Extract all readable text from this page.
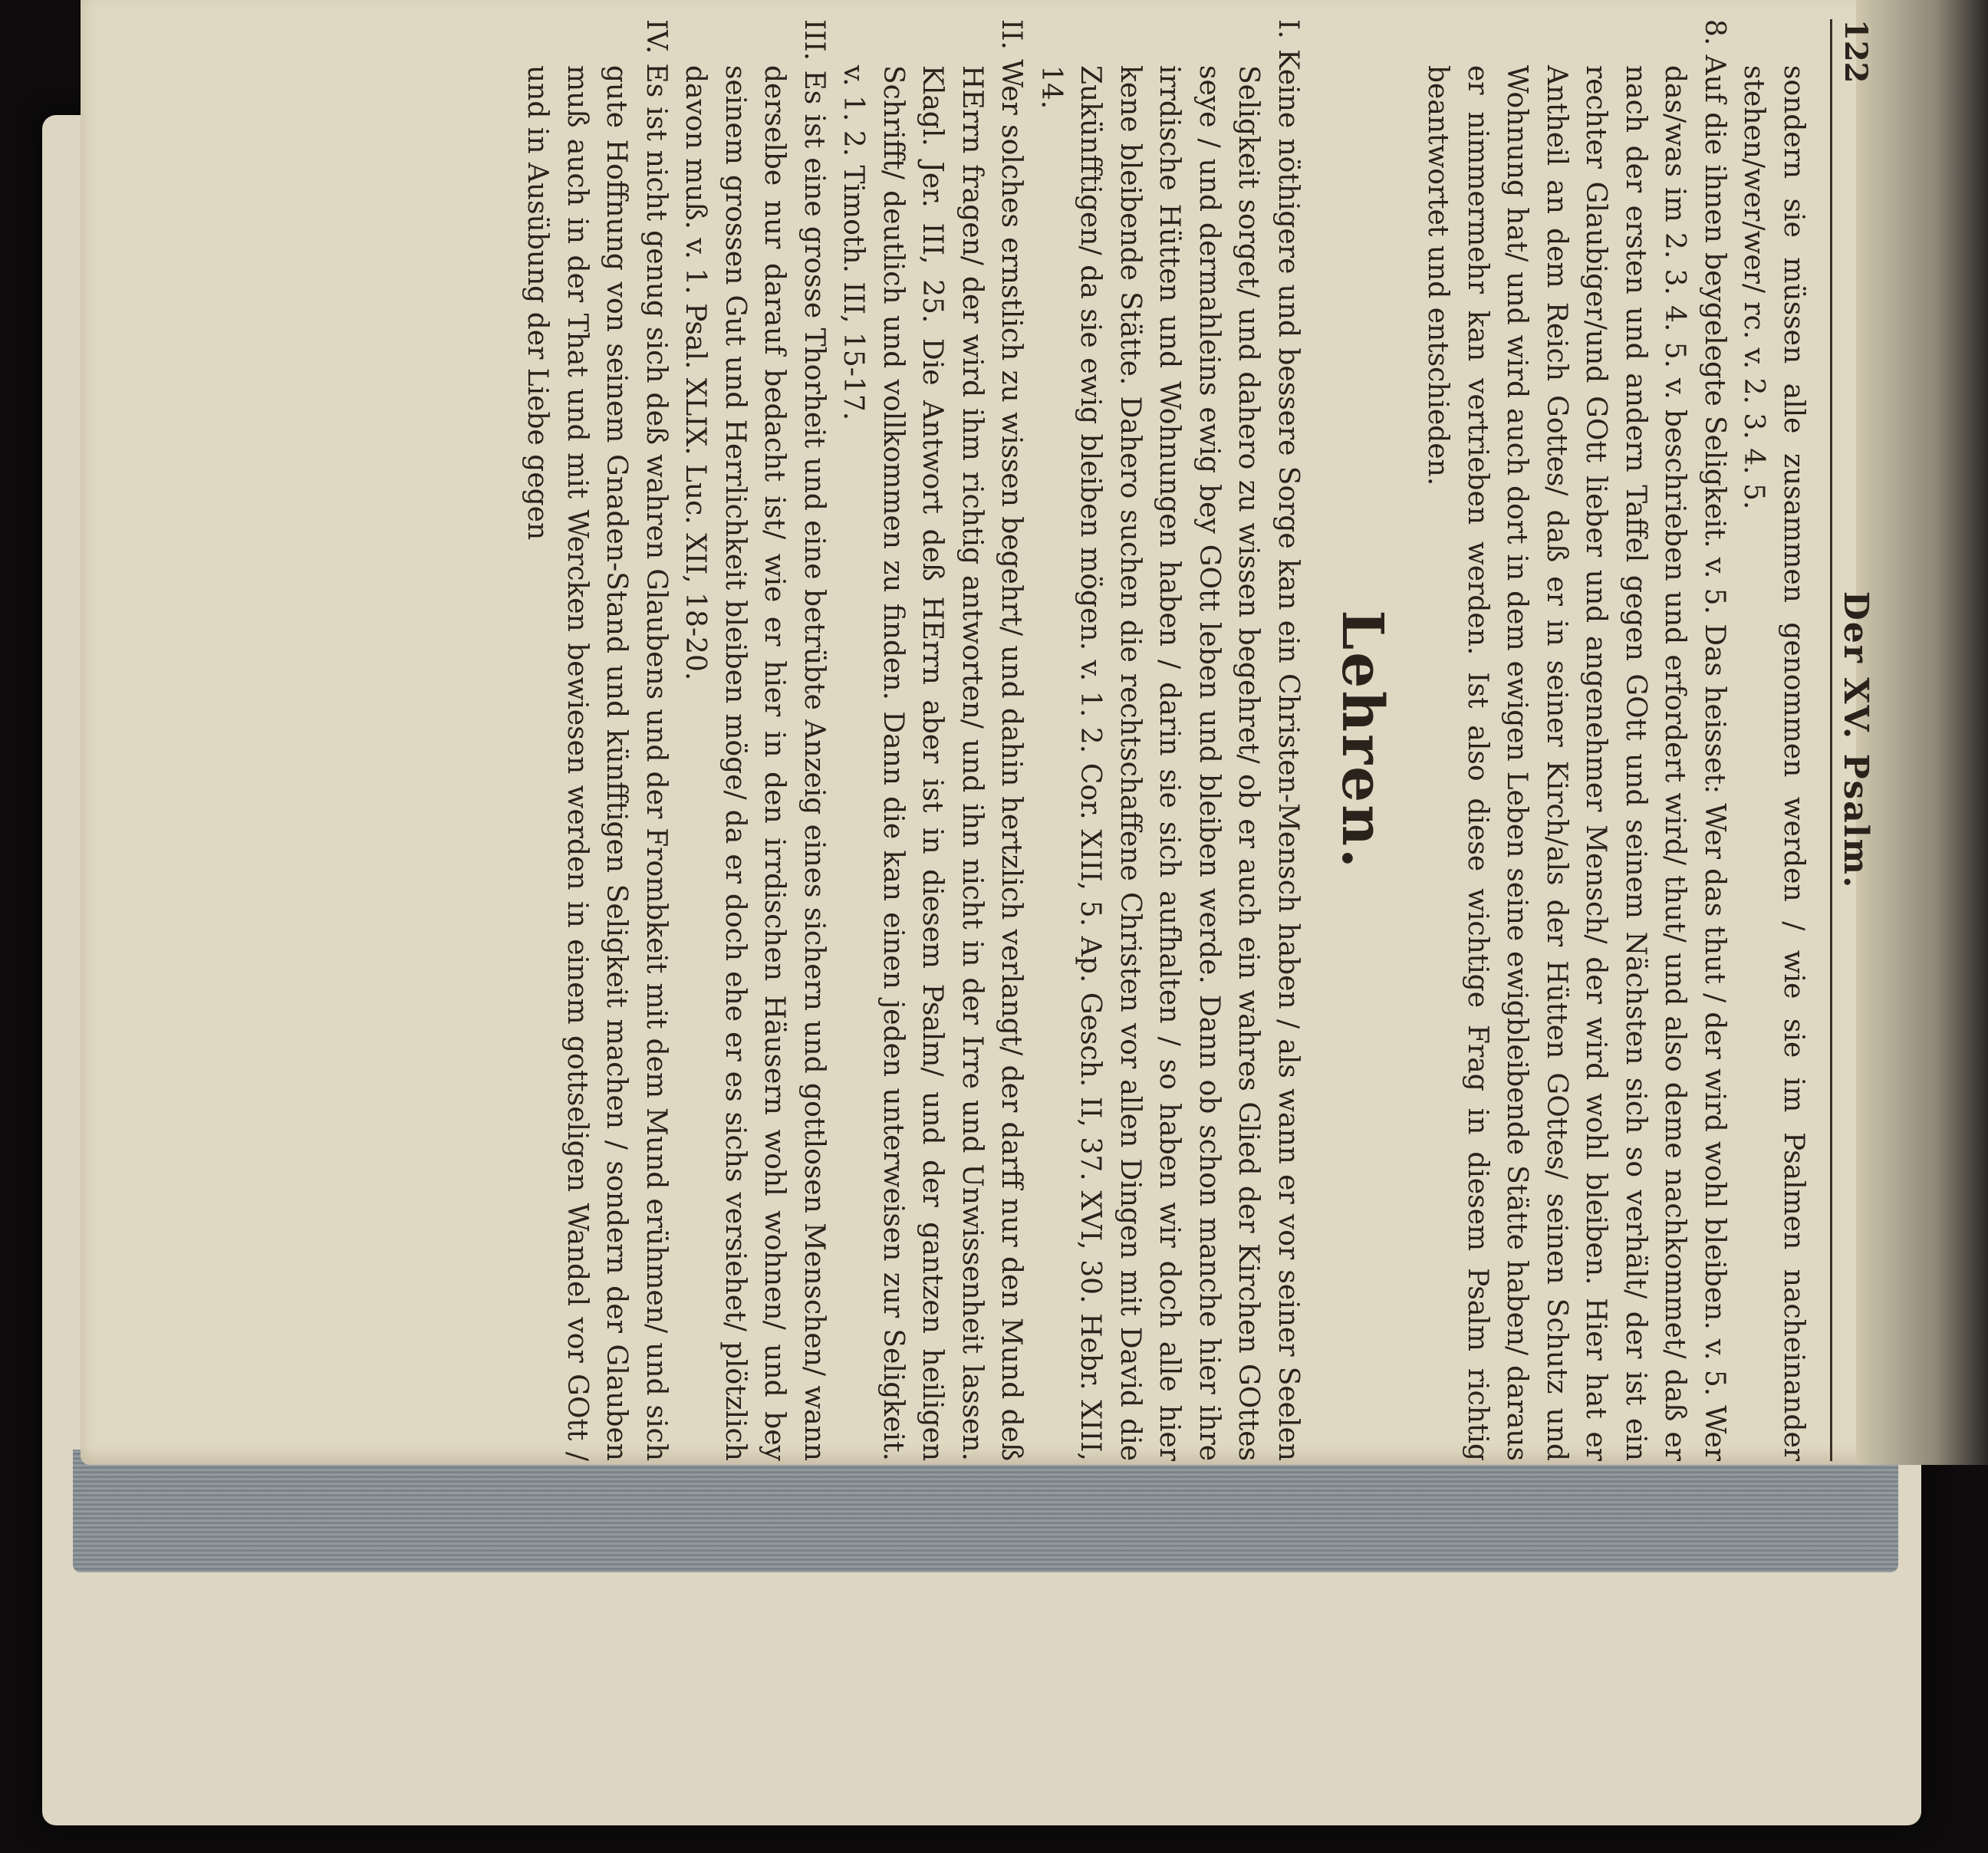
122
Der XV. Psalm.

sondern sie müssen alle zusammen genommen werden / wie sie im Psalmen nacheinander stehen/wer/wer/ rc. v. 2. 3. 4. 5.

8. Auf die ihnen beygelegte Seligkeit. v. 5. Das heisset: Wer das thut / der wird wohl bleiben. v. 5. Wer das/was im 2. 3. 4. 5. v. beschrieben und erfordert wird/ thut/ und also deme nachkommet/ daß er nach der ersten und andern Taffel gegen GOtt und seinem Nächsten sich so verhält/ der ist ein rechter Glaubiger/und GOtt lieber und angenehmer Mensch/ der wird wohl bleiben. Hier hat er Antheil an dem Reich Gottes/ daß er in seiner Kirch/als der Hütten GOttes/ seinen Schutz und Wohnung hat/ und wird auch dort in dem ewigen Leben seine ewigbleibende Stätte haben/ daraus er nimmermehr kan vertrieben werden. Ist also diese wichtige Frag in diesem Psalm richtig beantwortet und entschieden.

Lehren.

I. Keine nöthigere und bessere Sorge kan ein Christen-Mensch haben / als wann er vor seiner Seelen Seligkeit sorget/ und dahero zu wissen begehret/ ob er auch ein wahres Glied der Kirchen GOttes seye / und dermahleins ewig bey GOtt leben und bleiben werde. Dann ob schon manche hier ihre irrdische Hütten und Wohnungen haben / darin sie sich aufhalten / so haben wir doch alle hier kene bleibende Stätte. Dahero suchen die rechtschaffene Christen vor allen Dingen mit David die Zukünfftigen/ da sie ewig bleiben mögen. v. 1. 2. Cor. XIII, 5. Ap. Gesch. II, 37. XVI, 30. Hebr. XIII, 14.

II. Wer solches ernstlich zu wissen begehrt/ und dahin hertzlich verlangt/ der darff nur den Mund deß HErrn fragen/ der wird ihm richtig antworten/ und ihn nicht in der Irre und Unwissenheit lassen. Klagl. Jer. III, 25. Die Antwort deß HErrn aber ist in diesem Psalm/ und der gantzen heiligen Schrifft/ deutlich und vollkommen zu finden. Dann die kan einen jeden unterweisen zur Seligkeit. v. 1. 2. Timoth. III, 15-17.

III. Es ist eine grosse Thorheit und eine betrübte Anzeig eines sichern und gottlosen Menschen/ wann derselbe nur darauf bedacht ist/ wie er hier in den irrdischen Häusern wohl wohnen/ und bey seinem grossen Gut und Herrlichkeit bleiben möge/ da er doch ehe er es sichs versiehet/ plötzlich davon muß. v. 1. Psal. XLIX. Luc. XII, 18-20.

IV. Es ist nicht genug sich deß wahren Glaubens und der Frombkeit mit dem Mund erühmen/ und sich gute Hoffnung von seinem Gnaden-Stand und künfftigen Seligkeit machen / sondern der Glauben muß auch in der That und mit Wercken bewiesen werden in einem gottseligen Wandel vor GOtt / und in Ausübung der Liebe gegen
